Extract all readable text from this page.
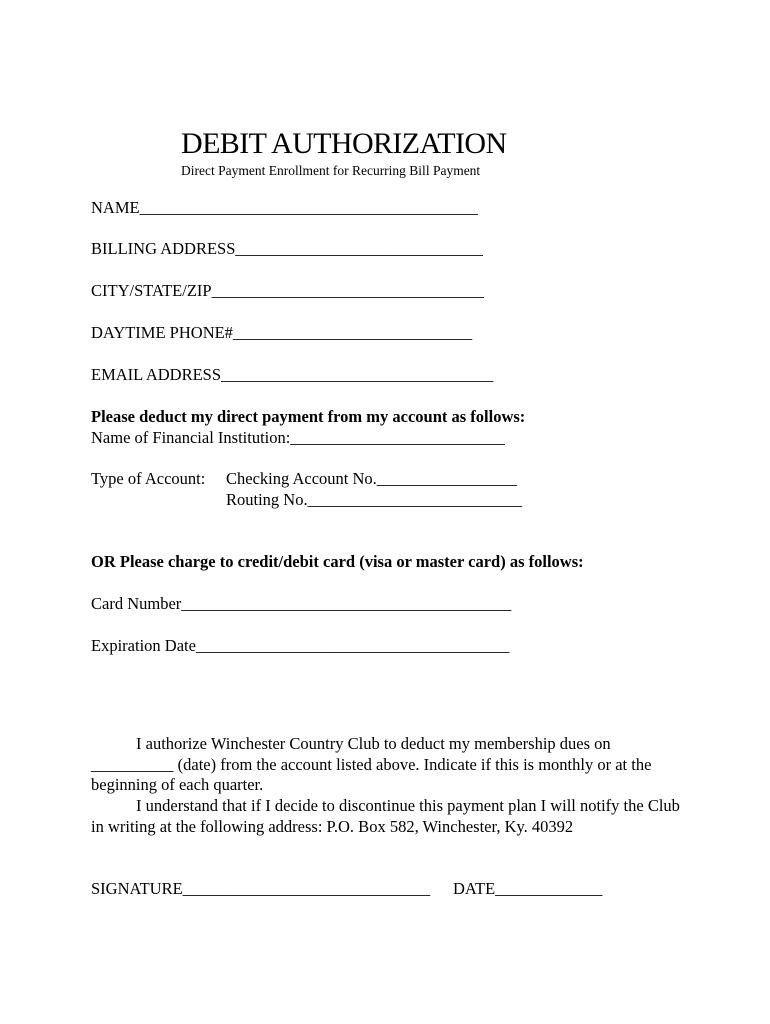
DEBIT AUTHORIZATION
Direct Payment Enrollment for Recurring Bill Payment
NAME_________________________________________
BILLING ADDRESS______________________________
CITY/STATE/ZIP_________________________________
DAYTIME PHONE#_____________________________
EMAIL ADDRESS_________________________________
Please deduct my direct payment from my account as follows:
Name of Financial Institution:__________________________
Type of Account: Checking Account No._________________
Routing No.__________________________
OR Please charge to credit/debit card (visa or master card) as follows:
Card Number________________________________________
Expiration Date______________________________________
I authorize Winchester Country Club to deduct my membership dues on __________ (date) from the account listed above. Indicate if this is monthly or at the beginning of each quarter.
I understand that if I decide to discontinue this payment plan I will notify the Club in writing at the following address: P.O. Box 582, Winchester, Ky. 40392
SIGNATURE______________________________ DATE_____________
